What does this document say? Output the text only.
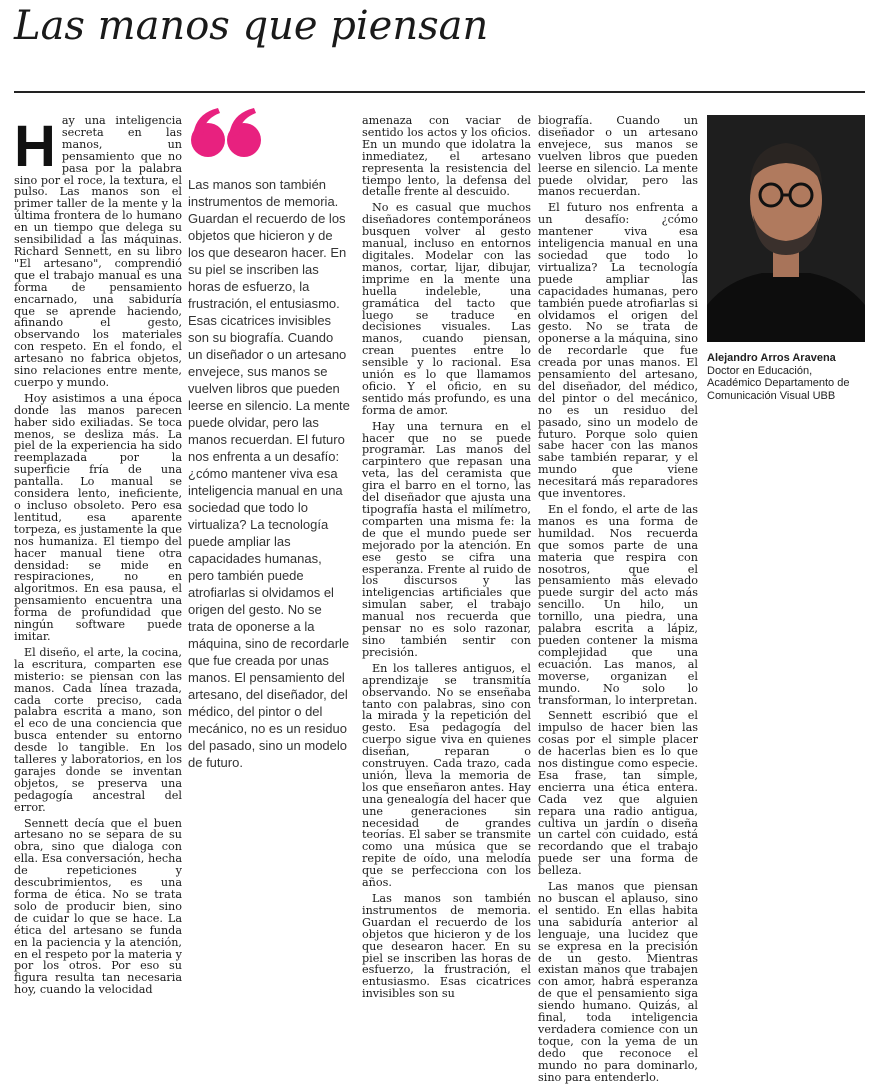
Las manos que piensan

Hay una inteligencia secreta en las manos, un pensamiento que no pasa por la palabra sino por el roce, la textura, el pulso. Las manos son el primer taller de la mente y la última frontera de lo humano en un tiempo que delega su sensibilidad a las máquinas. Richard Sennett, en su libro "El artesano", comprendió que el trabajo manual es una forma de pensamiento encarnado, una sabiduría que se aprende haciendo, afinando el gesto, observando los materiales con respeto. En el fondo, el artesano no fabrica objetos, sino relaciones entre mente, cuerpo y mundo.

Hoy asistimos a una época donde las manos parecen haber sido exiliadas. Se toca menos, se desliza más. La piel de la experiencia ha sido reemplazada por la superficie fría de una pantalla. Lo manual se considera lento, ineficiente, o incluso obsoleto. Pero esa lentitud, esa aparente torpeza, es justamente la que nos humaniza. El tiempo del hacer manual tiene otra densidad: se mide en respiraciones, no en algoritmos. En esa pausa, el pensamiento encuentra una forma de profundidad que ningún software puede imitar.

El diseño, el arte, la cocina, la escritura, comparten ese misterio: se piensan con las manos. Cada línea trazada, cada corte preciso, cada palabra escrita a mano, son el eco de una conciencia que busca entender su entorno desde lo tangible. En los talleres y laboratorios, en los garajes donde se inventan objetos, se preserva una pedagogía ancestral del error.

Sennett decía que el buen artesano no se separa de su obra, sino que dialoga con ella. Esa conversación, hecha de repeticiones y descubrimientos, es una forma de ética. No se trata solo de producir bien, sino de cuidar lo que se hace. La ética del artesano se funda en la paciencia y la atención, en el respeto por la materia y por los otros. Por eso su figura resulta tan necesaria hoy, cuando la velocidad

Las manos son también instrumentos de memoria. Guardan el recuerdo de los objetos que hicieron y de los que desearon hacer. En su piel se inscriben las horas de esfuerzo, la frustración, el entusiasmo. Esas cicatrices invisibles son su biografía. Cuando un diseñador o un artesano envejece, sus manos se vuelven libros que pueden leerse en silencio. La mente puede olvidar, pero las manos recuerdan. El futuro nos enfrenta a un desafío: ¿cómo mantener viva esa inteligencia manual en una sociedad que todo lo virtualiza? La tecnología puede ampliar las capacidades humanas, pero también puede atrofiarlas si olvidamos el origen del gesto. No se trata de oponerse a la máquina, sino de recordarle que fue creada por unas manos. El pensamiento del artesano, del diseñador, del médico, del pintor o del mecánico, no es un residuo del pasado, sino un modelo de futuro.

amenaza con vaciar de sentido los actos y los oficios. En un mundo que idolatra la inmediatez, el artesano representa la resistencia del tiempo lento, la defensa del detalle frente al descuido.

No es casual que muchos diseñadores contemporáneos busquen volver al gesto manual, incluso en entornos digitales. Modelar con las manos, cortar, lijar, dibujar, imprime en la mente una huella indeleble, una gramática del tacto que luego se traduce en decisiones visuales. Las manos, cuando piensan, crean puentes entre lo sensible y lo racional. Esa unión es lo que llamamos oficio. Y el oficio, en su sentido más profundo, es una forma de amor.

Hay una ternura en el hacer que no se puede programar. Las manos del carpintero que repasan una veta, las del ceramista que gira el barro en el torno, las del diseñador que ajusta una tipografía hasta el milímetro, comparten una misma fe: la de que el mundo puede ser mejorado por la atención. En ese gesto se cifra una esperanza. Frente al ruido de los discursos y las inteligencias artificiales que simulan saber, el trabajo manual nos recuerda que pensar no es solo razonar, sino también sentir con precisión.

En los talleres antiguos, el aprendizaje se transmitía observando. No se enseñaba tanto con palabras, sino con la mirada y la repetición del gesto. Esa pedagogía del cuerpo sigue viva en quienes diseñan, reparan o construyen. Cada trazo, cada unión, lleva la memoria de los que enseñaron antes. Hay una genealogía del hacer que une generaciones sin necesidad de grandes teorías. El saber se transmite como una música que se repite de oído, una melodía que se perfecciona con los años.

Las manos son también instrumentos de memoria. Guardan el recuerdo de los objetos que hicieron y de los que desearon hacer. En su piel se inscriben las horas de esfuerzo, la frustración, el entusiasmo. Esas cicatrices invisibles son su

biografía. Cuando un diseñador o un artesano envejece, sus manos se vuelven libros que pueden leerse en silencio. La mente puede olvidar, pero las manos recuerdan.

El futuro nos enfrenta a un desafío: ¿cómo mantener viva esa inteligencia manual en una sociedad que todo lo virtualiza? La tecnología puede ampliar las capacidades humanas, pero también puede atrofiarlas si olvidamos el origen del gesto. No se trata de oponerse a la máquina, sino de recordarle que fue creada por unas manos. El pensamiento del artesano, del diseñador, del médico, del pintor o del mecánico, no es un residuo del pasado, sino un modelo de futuro. Porque solo quien sabe hacer con las manos sabe también reparar, y el mundo que viene necesitará más reparadores que inventores.

En el fondo, el arte de las manos es una forma de humildad. Nos recuerda que somos parte de una materia que respira con nosotros, que el pensamiento más elevado puede surgir del acto más sencillo. Un hilo, un tornillo, una piedra, una palabra escrita a lápiz, pueden contener la misma complejidad que una ecuación. Las manos, al moverse, organizan el mundo. No solo lo transforman, lo interpretan.

Sennett escribió que el impulso de hacer bien las cosas por el simple placer de hacerlas bien es lo que nos distingue como especie. Esa frase, tan simple, encierra una ética entera. Cada vez que alguien repara una radio antigua, cultiva un jardín o diseña un cartel con cuidado, está recordando que el trabajo puede ser una forma de belleza.

Las manos que piensan no buscan el aplauso, sino el sentido. En ellas habita una sabiduría anterior al lenguaje, una lucidez que se expresa en la precisión de un gesto. Mientras existan manos que trabajen con amor, habrá esperanza de que el pensamiento siga siendo humano. Quizás, al final, toda inteligencia verdadera comience con un toque, con la yema de un dedo que reconoce el mundo no para dominarlo, sino para entenderlo.

Alejandro Arros Aravena
Doctor en Educación,
Académico Departamento de
Comunicación Visual UBB
